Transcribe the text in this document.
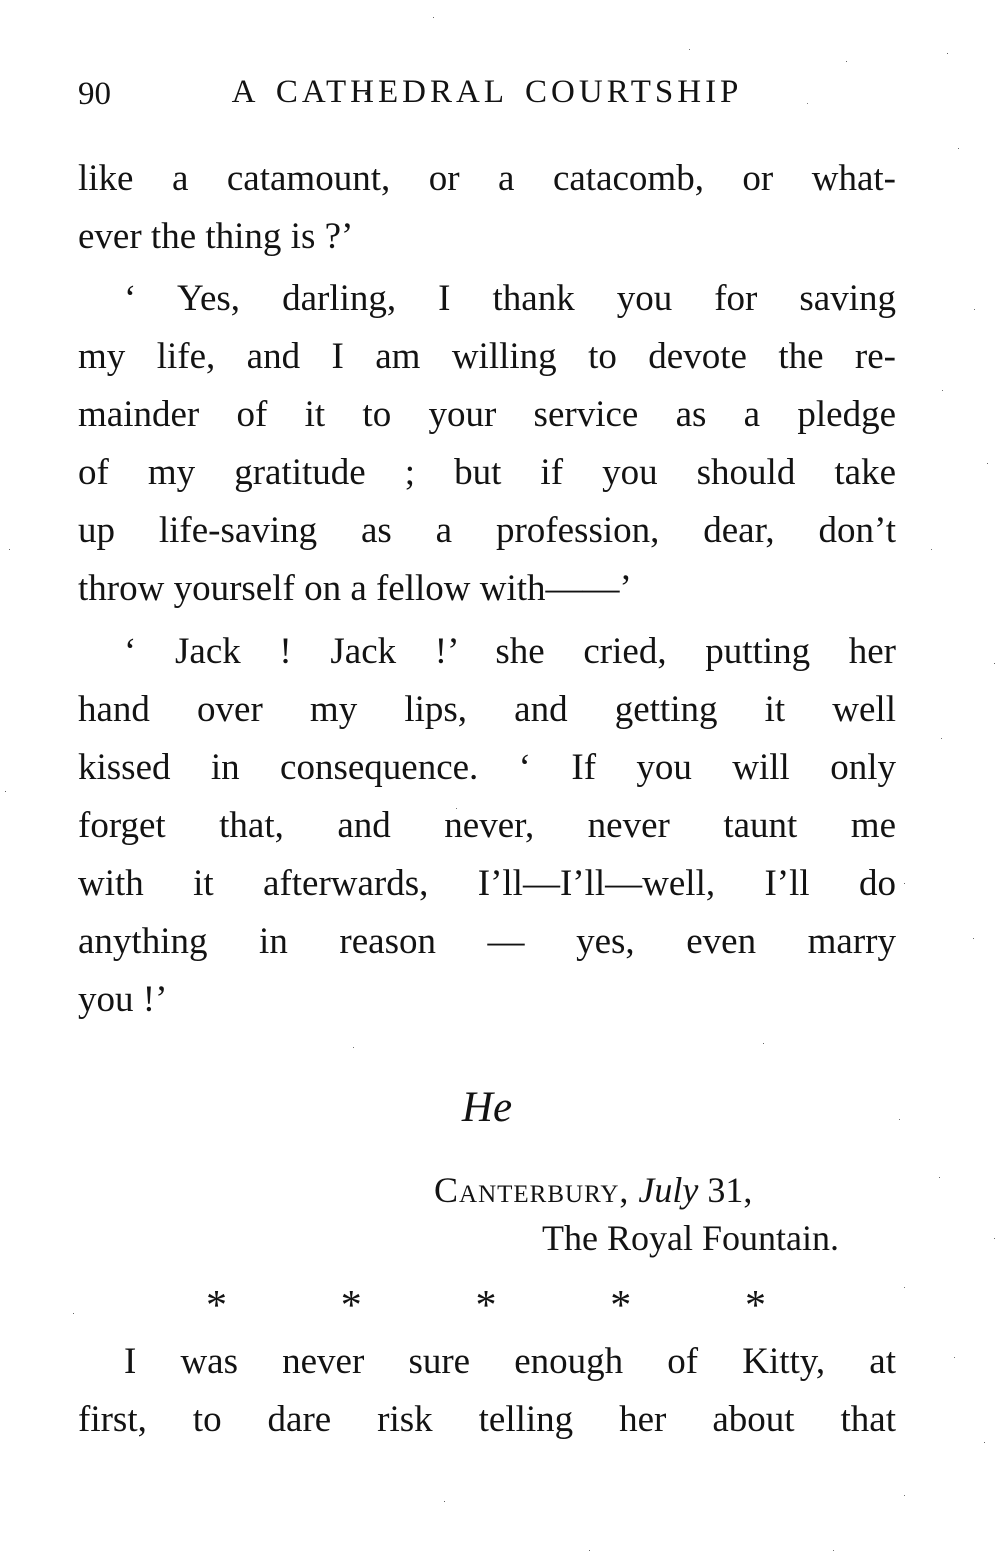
90	A CATHEDRAL COURTSHIP
like a catamount, or a catacomb, or what-
ever the thing is ?’
‘ Yes, darling, I thank you for saving
my life, and I am willing to devote the re-
mainder of it to your service as a pledge
of my gratitude ; but if you should take
up life-saving as a profession, dear, don’t
throw yourself on a fellow with——’
‘ Jack ! Jack !’ she cried, putting her
hand over my lips, and getting it well
kissed in consequence. ‘ If you will only
forget that, and never, never taunt me
with it afterwards, I’ll—I’ll—well, I’ll do
anything in reason — yes, even marry
you !’
He
Canterbury, July 31,
The Royal Fountain.
*	*	*	*	*
I was never sure enough of Kitty, at
first, to dare risk telling her about that
